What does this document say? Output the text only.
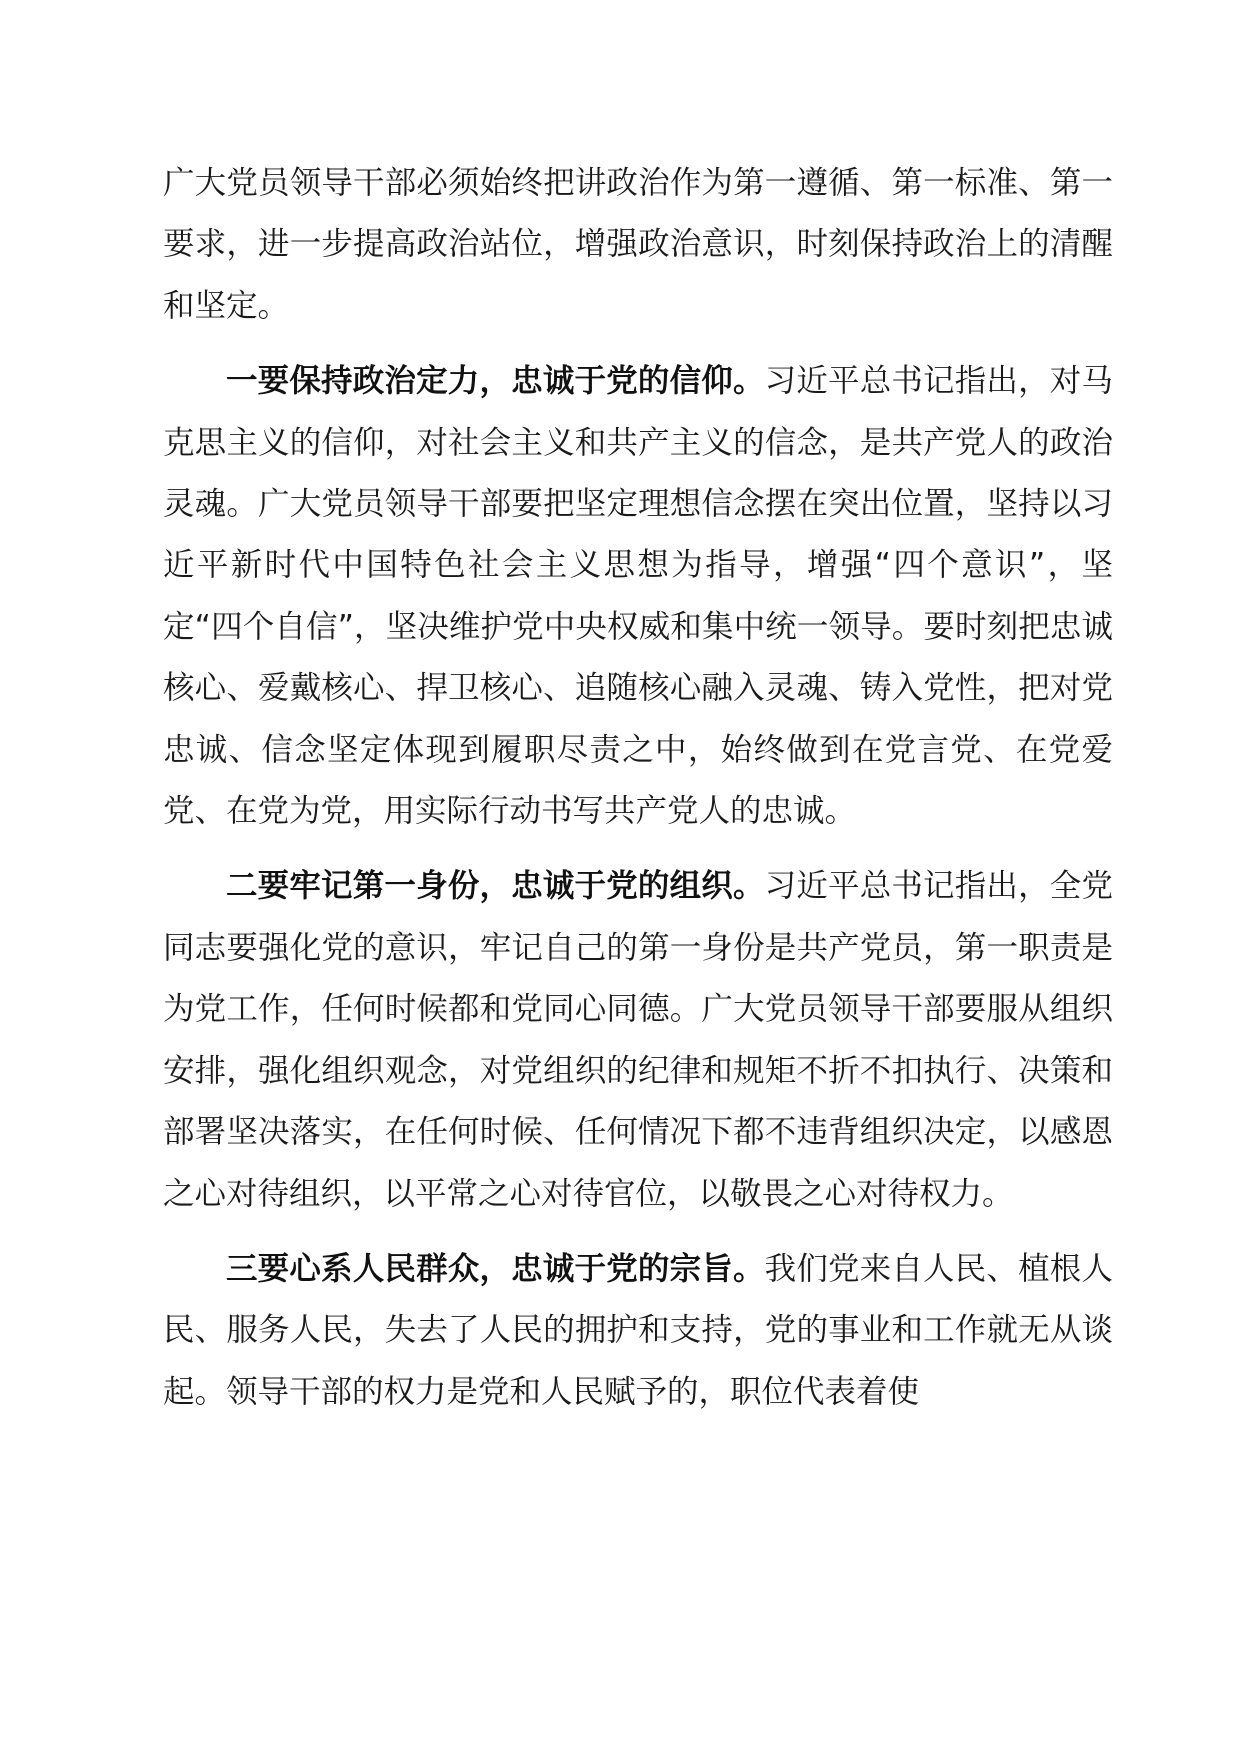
广大党员领导干部必须始终把讲政治作为第一遵循、第一标准、第一要求，进一步提高政治站位，增强政治意识，时刻保持政治上的清醒和坚定。

一要保持政治定力，忠诚于党的信仰。习近平总书记指出，对马克思主义的信仰，对社会主义和共产主义的信念，是共产党人的政治灵魂。广大党员领导干部要把坚定理想信念摆在突出位置，坚持以习近平新时代中国特色社会主义思想为指导，增强“四个意识”，坚定“四个自信”，坚决维护党中央权威和集中统一领导。要时刻把忠诚核心、爱戴核心、捍卫核心、追随核心融入灵魂、铸入党性，把对党忠诚、信念坚定体现到履职尽责之中，始终做到在党言党、在党爱党、在党为党，用实际行动书写共产党人的忠诚。

二要牢记第一身份，忠诚于党的组织。习近平总书记指出，全党同志要强化党的意识，牢记自己的第一身份是共产党员，第一职责是为党工作，任何时候都和党同心同德。广大党员领导干部要服从组织安排，强化组织观念，对党组织的纪律和规矩不折不扣执行、决策和部署坚决落实，在任何时候、任何情况下都不违背组织决定，以感恩之心对待组织，以平常之心对待官位，以敬畏之心对待权力。

三要心系人民群众，忠诚于党的宗旨。我们党来自人民、植根人民、服务人民，失去了人民的拥护和支持，党的事业和工作就无从谈起。领导干部的权力是党和人民赋予的，职位代表着使
